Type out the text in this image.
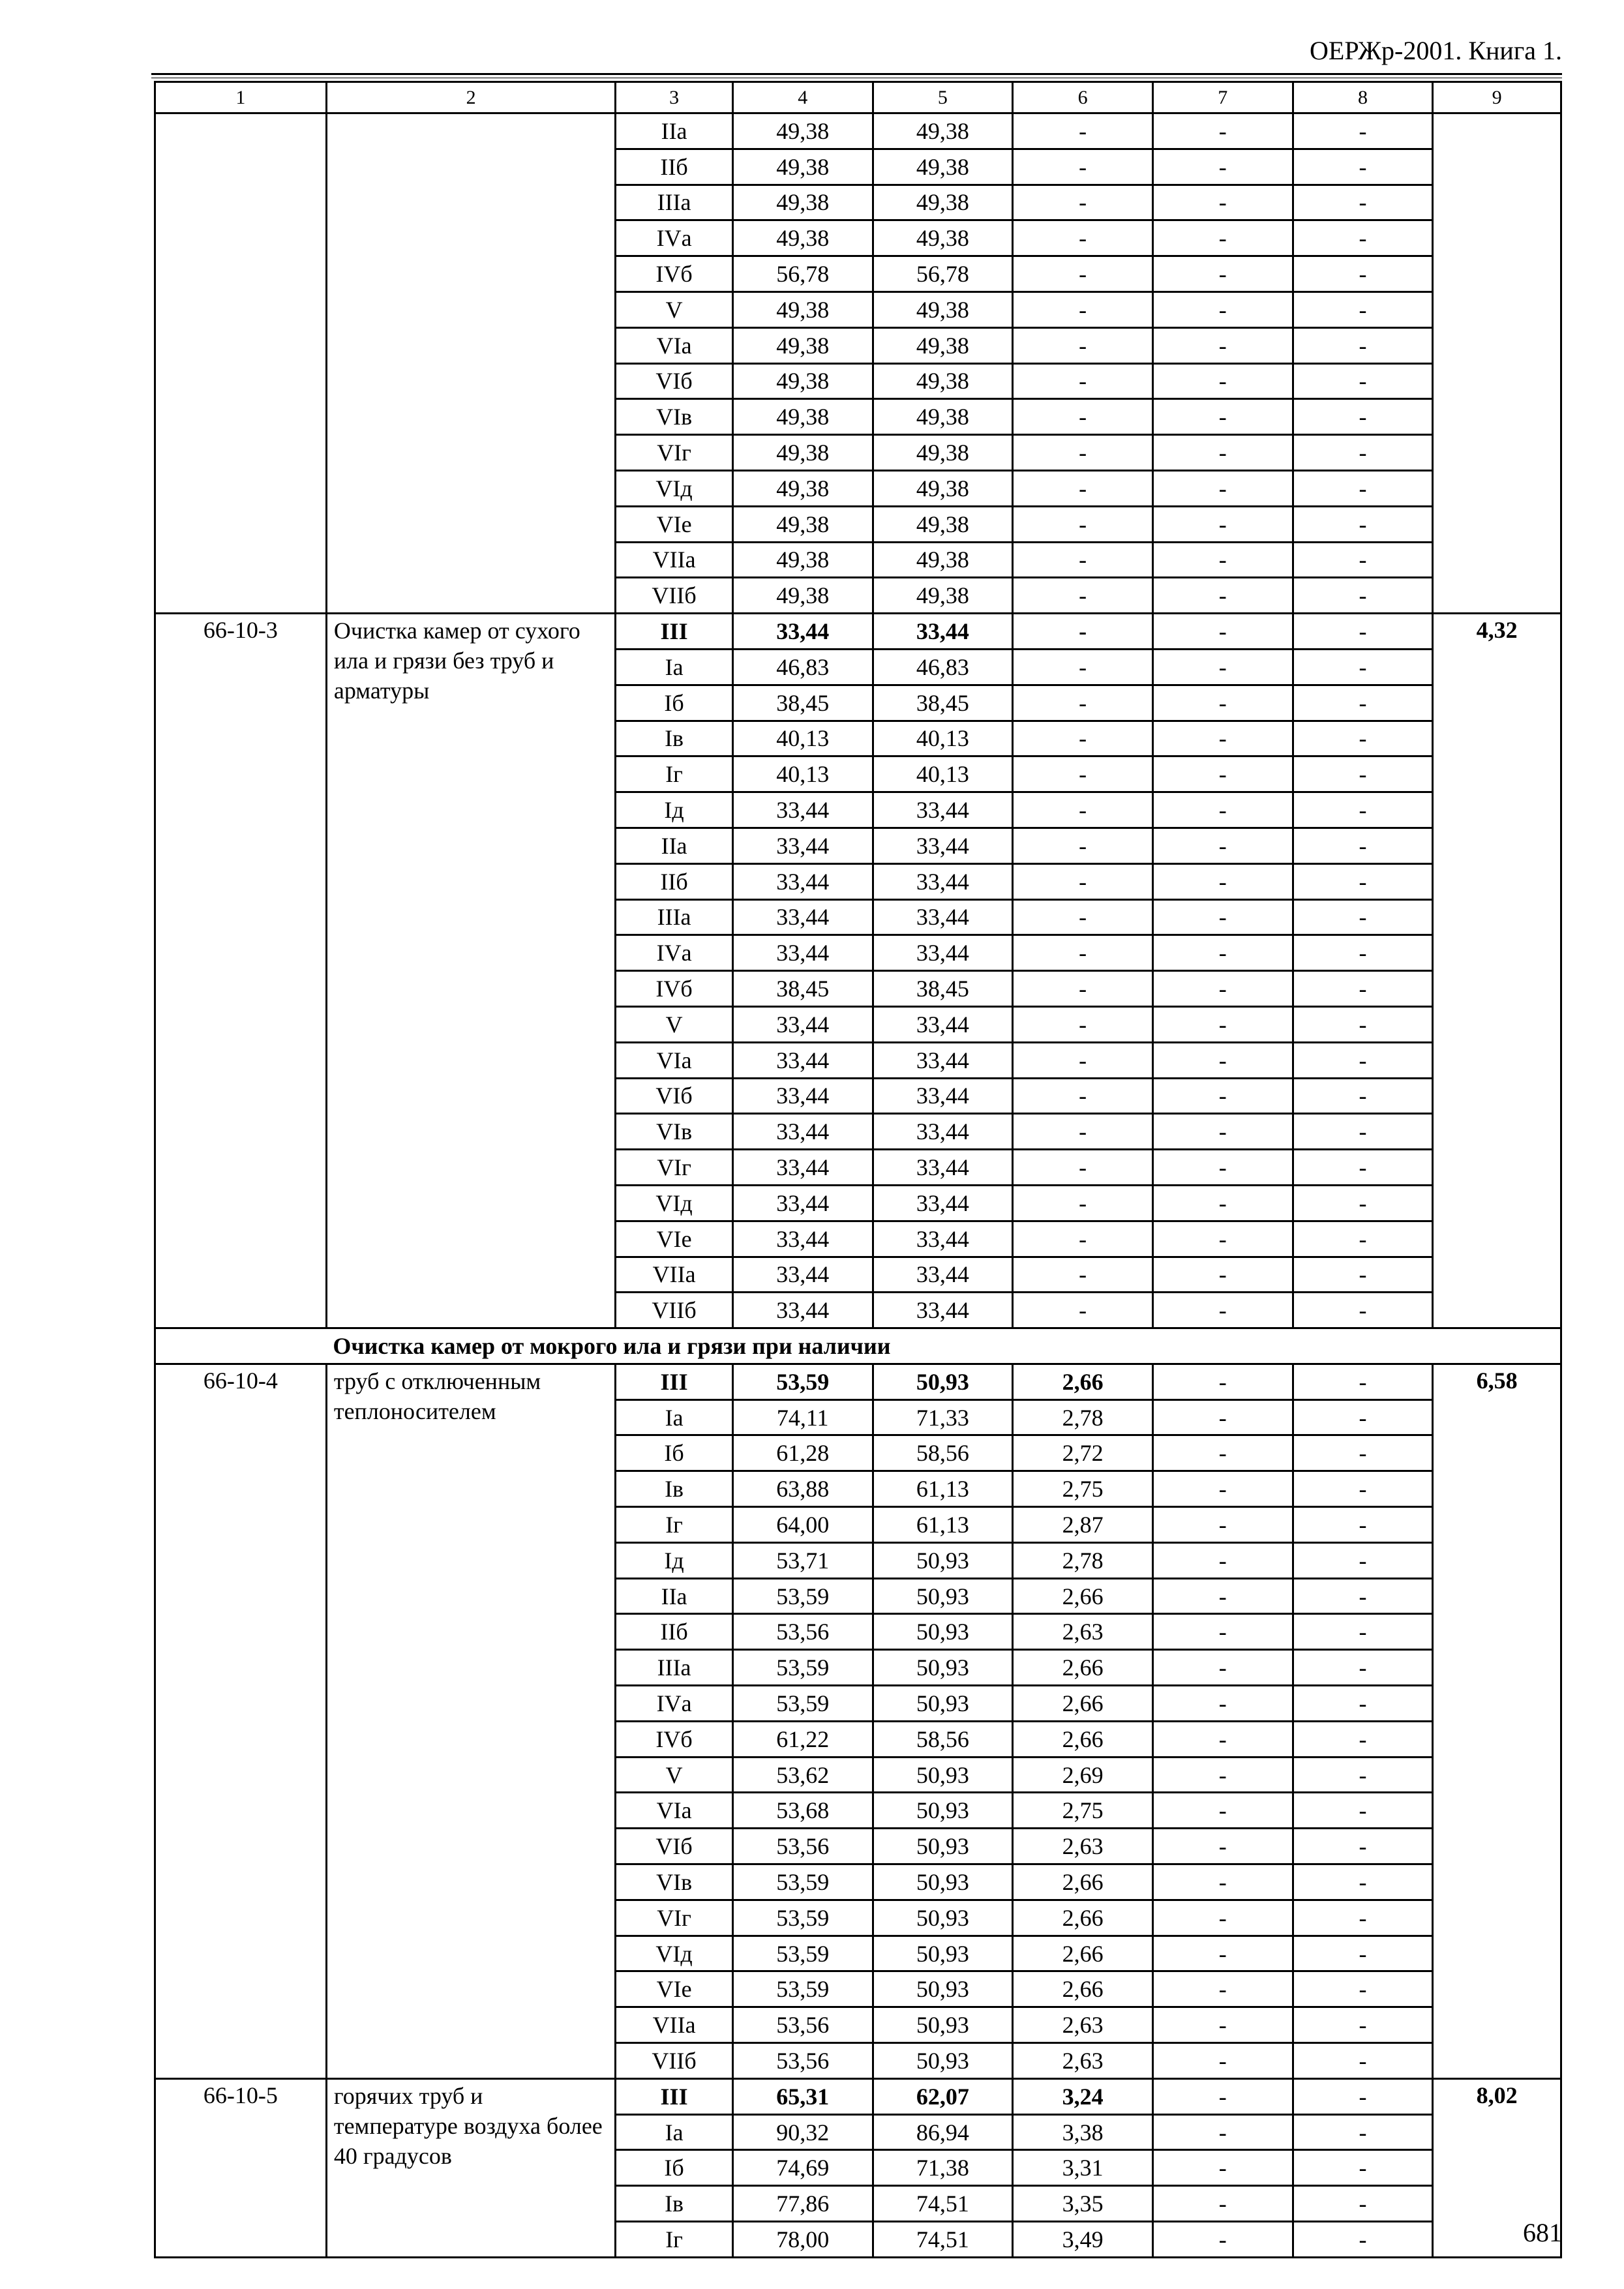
ОЕРЖр-2001. Книга 1.
1	2	3	4	5	6	7	8	9
		IIа	49,38	49,38	-	-	-	
		IIб	49,38	49,38	-	-	-	
		IIIа	49,38	49,38	-	-	-	
		IVа	49,38	49,38	-	-	-	
		IVб	56,78	56,78	-	-	-	
		V	49,38	49,38	-	-	-	
		VIа	49,38	49,38	-	-	-	
		VIб	49,38	49,38	-	-	-	
		VIв	49,38	49,38	-	-	-	
		VIг	49,38	49,38	-	-	-	
		VIд	49,38	49,38	-	-	-	
		VIе	49,38	49,38	-	-	-	
		VIIа	49,38	49,38	-	-	-	
		VIIб	49,38	49,38	-	-	-	
66-10-3	Очистка камер от сухого ила и грязи без труб и арматуры	III	33,44	33,44	-	-	-	4,32
		Iа	46,83	46,83	-	-	-	
		Iб	38,45	38,45	-	-	-	
		Iв	40,13	40,13	-	-	-	
		Iг	40,13	40,13	-	-	-	
		Iд	33,44	33,44	-	-	-	
		IIа	33,44	33,44	-	-	-	
		IIб	33,44	33,44	-	-	-	
		IIIа	33,44	33,44	-	-	-	
		IVа	33,44	33,44	-	-	-	
		IVб	38,45	38,45	-	-	-	
		V	33,44	33,44	-	-	-	
		VIа	33,44	33,44	-	-	-	
		VIб	33,44	33,44	-	-	-	
		VIв	33,44	33,44	-	-	-	
		VIг	33,44	33,44	-	-	-	
		VIд	33,44	33,44	-	-	-	
		VIе	33,44	33,44	-	-	-	
		VIIа	33,44	33,44	-	-	-	
		VIIб	33,44	33,44	-	-	-	
	Очистка камер от мокрого ила и грязи при наличии							
66-10-4	труб с отключенным теплоносителем	III	53,59	50,93	2,66	-	-	6,58
		Iа	74,11	71,33	2,78	-	-	
		Iб	61,28	58,56	2,72	-	-	
		Iв	63,88	61,13	2,75	-	-	
		Iг	64,00	61,13	2,87	-	-	
		Iд	53,71	50,93	2,78	-	-	
		IIа	53,59	50,93	2,66	-	-	
		IIб	53,56	50,93	2,63	-	-	
		IIIа	53,59	50,93	2,66	-	-	
		IVа	53,59	50,93	2,66	-	-	
		IVб	61,22	58,56	2,66	-	-	
		V	53,62	50,93	2,69	-	-	
		VIа	53,68	50,93	2,75	-	-	
		VIб	53,56	50,93	2,63	-	-	
		VIв	53,59	50,93	2,66	-	-	
		VIг	53,59	50,93	2,66	-	-	
		VIд	53,59	50,93	2,66	-	-	
		VIе	53,59	50,93	2,66	-	-	
		VIIа	53,56	50,93	2,63	-	-	
		VIIб	53,56	50,93	2,63	-	-	
66-10-5	горячих труб и температуре воздуха более 40 градусов	III	65,31	62,07	3,24	-	-	8,02
		Iа	90,32	86,94	3,38	-	-	
		Iб	74,69	71,38	3,31	-	-	
		Iв	77,86	74,51	3,35	-	-	
		Iг	78,00	74,51	3,49	-	-		681
